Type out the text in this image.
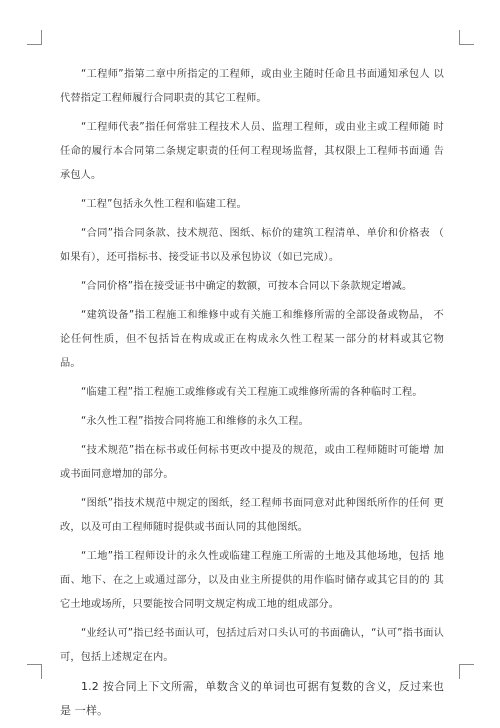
“工程师”指第二章中所指定的工程师，或由业主随时任命且书面通知承包人 以代替指定工程师履行合同职责的其它工程师。

“工程师代表”指任何常驻工程技术人员、监理工程师，或由业主或工程师随 时任命的履行本合同第二条规定职责的任何工程现场监督，其权限上工程师书面通 告承包人。

“工程”包括永久性工程和临建工程。

“合同”指合同条款、技术规范、图纸、标价的建筑工程清单、单价和价格表 （ 如果有），还可指标书、接受证书以及承包协议（如已完成）。

“合同价格”指在接受证书中确定的数额，可按本合同以下条款规定增减。

“建筑设备”指工程施工和维修中或有关施工和维修所需的全部设备或物品， 不论任何性质，但不包括旨在构成或正在构成永久性工程某一部分的材料或其它物 品。

“临建工程”指工程施工或维修或有关工程施工或维修所需的各种临时工程。

“永久性工程”指按合同将施工和维修的永久工程。

“技术规范”指在标书或任何标书更改中提及的规范，或由工程师随时可能增 加或书面同意增加的部分。

“图纸”指技术规范中规定的图纸，经工程师书面同意对此种图纸所作的任何 更改，以及可由工程师随时提供或书面认同的其他图纸。

“工地”指工程师设计的永久性或临建工程施工所需的土地及其他场地，包括 地面、地下、在之上或通过部分，以及由业主所提供的用作临时储存或其它目的的 其它土地或场所，只要能按合同明文规定构成工地的组成部分。

“业经认可”指已经书面认可，包括过后对口头认可的书面确认，“认可”指书面认可，包括上述规定在内。

1.2 按合同上下文所需，单数含义的单词也可据有复数的含义，反过来也是 一样。
